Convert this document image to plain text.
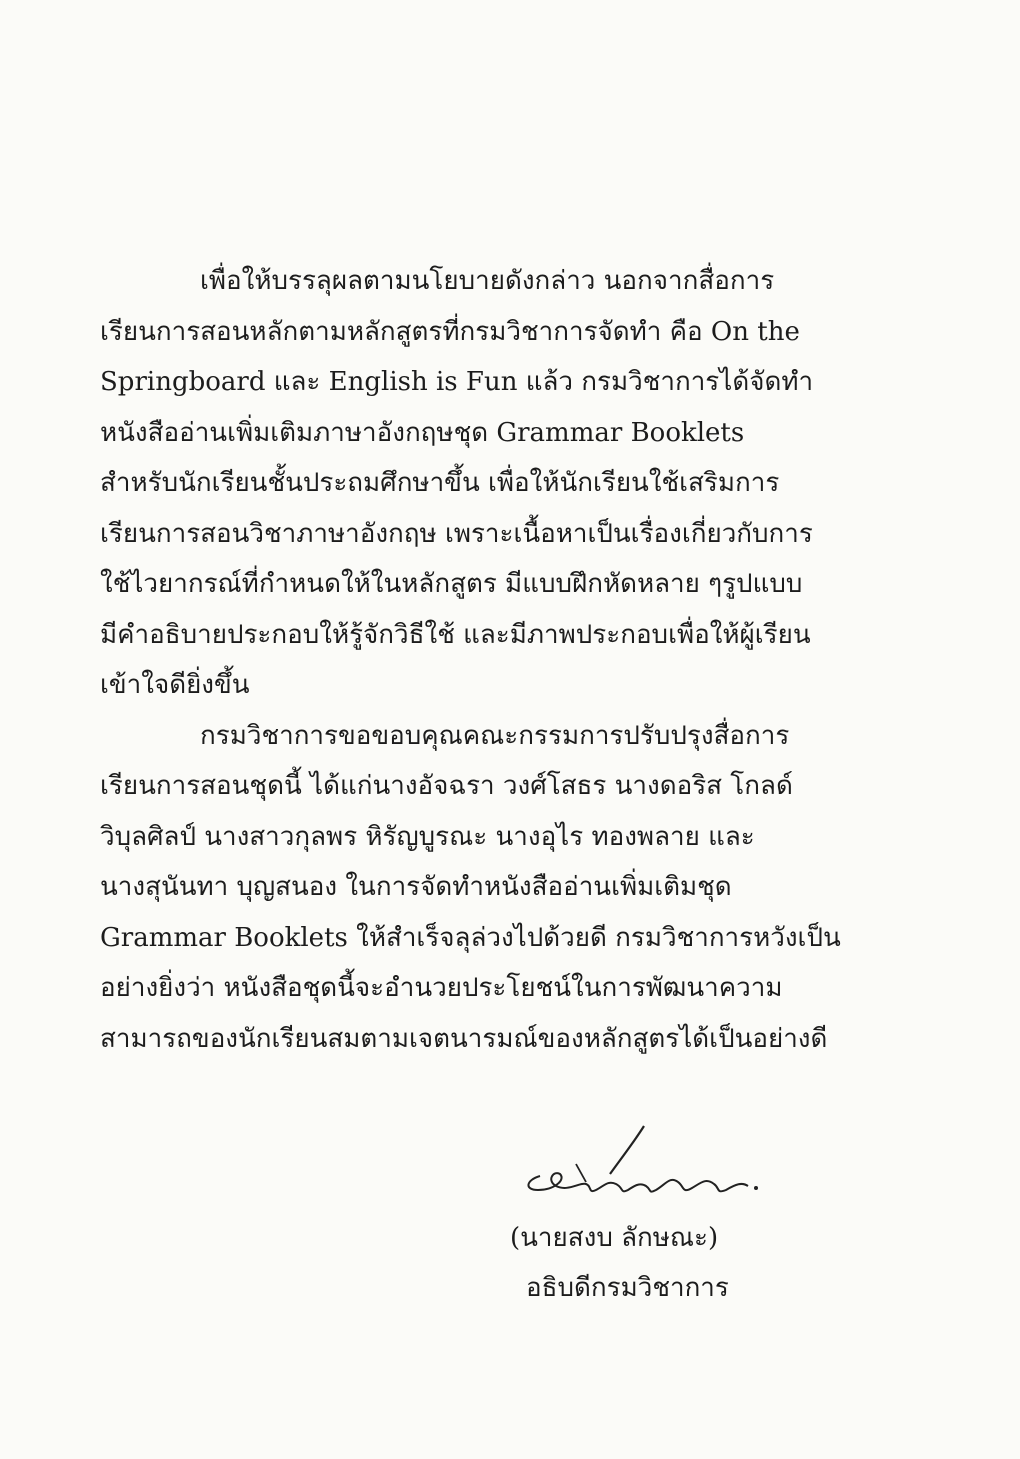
เพื่อให้บรรลุผลตามนโยบายดังกล่าว นอกจากสื่อการ
เรียนการสอนหลักตามหลักสูตรที่กรมวิชาการจัดทำ คือ On the
Springboard และ English is Fun แล้ว กรมวิชาการได้จัดทำ
หนังสืออ่านเพิ่มเติมภาษาอังกฤษชุด Grammar Booklets
สำหรับนักเรียนชั้นประถมศึกษาขึ้น เพื่อให้นักเรียนใช้เสริมการ
เรียนการสอนวิชาภาษาอังกฤษ เพราะเนื้อหาเป็นเรื่องเกี่ยวกับการ
ใช้ไวยากรณ์ที่กำหนดให้ในหลักสูตร มีแบบฝึกหัดหลาย ๆรูปแบบ
มีคำอธิบายประกอบให้รู้จักวิธีใช้ และมีภาพประกอบเพื่อให้ผู้เรียน
เข้าใจดียิ่งขึ้น
กรมวิชาการขอขอบคุณคณะกรรมการปรับปรุงสื่อการ
เรียนการสอนชุดนี้ ได้แก่นางอัจฉรา วงศ์โสธร นางดอริส โกลด์
วิบุลศิลป์ นางสาวกุลพร หิรัญบูรณะ นางอุไร ทองพลาย และ
นางสุนันทา บุญสนอง ในการจัดทำหนังสืออ่านเพิ่มเติมชุด
Grammar Booklets ให้สำเร็จลุล่วงไปด้วยดี กรมวิชาการหวังเป็น
อย่างยิ่งว่า หนังสือชุดนี้จะอำนวยประโยชน์ในการพัฒนาความ
สามารถของนักเรียนสมตามเจตนารมณ์ของหลักสูตรได้เป็นอย่างดี
(นายสงบ ลักษณะ)
อธิบดีกรมวิชาการ
